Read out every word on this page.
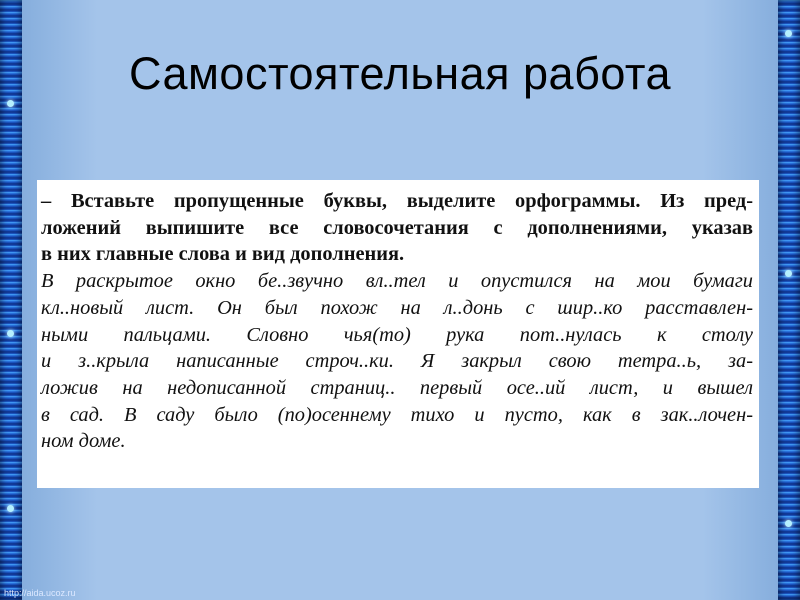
Самостоятельная работа
– Вставьте пропущенные буквы, выделите орфограммы. Из пред-
ложений выпишите все словосочетания с дополнениями, указав
в них главные слова и вид дополнения.
В раскрытое окно бе..звучно вл..тел и опустился на мои бумаги
кл..новый лист. Он был похож на л..донь с шир..ко расставлен-
ными пальцами. Словно чья(то) рука пот..нулась к столу
и з..крыла написанные строч..ки. Я закрыл свою тетра..ь, за-
ложив на недописанной страниц.. первый осе..ий лист, и вышел
в сад. В саду было (по)осеннему тихо и пусто, как в зак..лочен-
ном доме.
http://aida.ucoz.ru
